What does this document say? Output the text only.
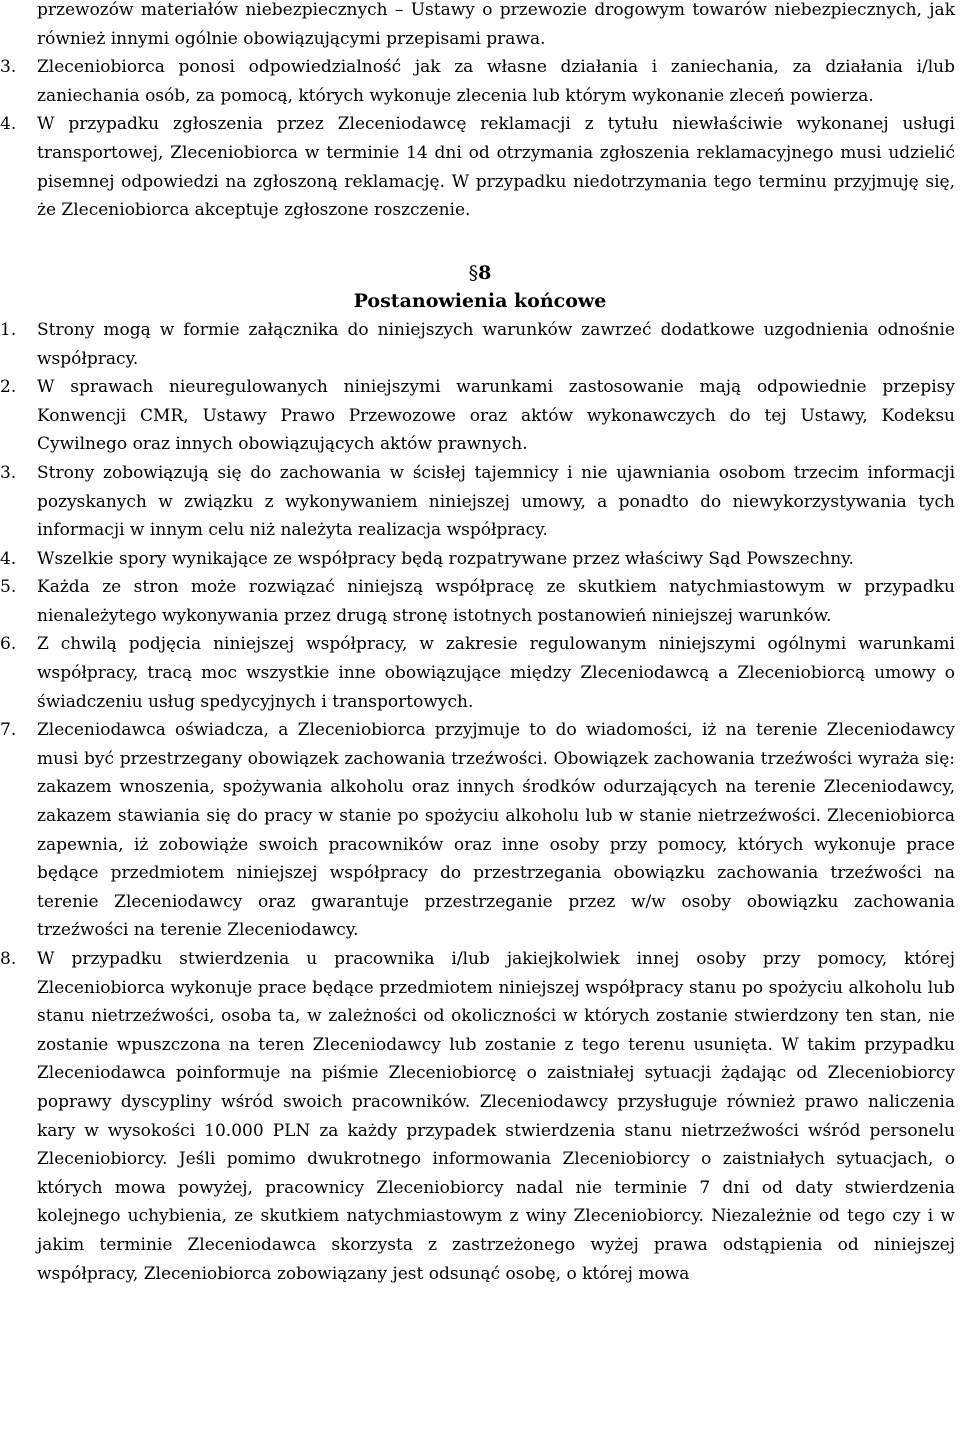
przewozów materiałów niebezpiecznych – Ustawy o przewozie drogowym towarów niebezpiecznych, jak również innymi ogólnie obowiązującymi przepisami prawa.
3.	Zleceniobiorca ponosi odpowiedzialność jak za własne działania i zaniechania, za działania i/lub zaniechania osób, za pomocą, których wykonuje zlecenia lub którym wykonanie zleceń powierza.
4.	W przypadku zgłoszenia przez Zleceniodawcę reklamacji z tytułu niewłaściwie wykonanej usługi transportowej, Zleceniobiorca w terminie 14 dni od otrzymania zgłoszenia reklamacyjnego musi udzielić pisemnej odpowiedzi na zgłoszoną reklamację. W przypadku niedotrzymania tego terminu przyjmuję się, że Zleceniobiorca akceptuje zgłoszone roszczenie.
§8
Postanowienia końcowe
1.	Strony mogą w formie załącznika do niniejszych warunków zawrzeć dodatkowe uzgodnienia odnośnie współpracy.
2.	W sprawach nieuregulowanych niniejszymi warunkami zastosowanie mają odpowiednie przepisy Konwencji CMR, Ustawy Prawo Przewozowe oraz aktów wykonawczych do tej Ustawy, Kodeksu Cywilnego oraz innych obowiązujących aktów prawnych.
3.	Strony zobowiązują się do zachowania w ścisłej tajemnicy i nie ujawniania osobom trzecim informacji pozyskanych w związku z wykonywaniem niniejszej umowy, a ponadto do niewykorzystywania tych informacji w innym celu niż należyta realizacja współpracy.
4.	Wszelkie spory wynikające ze współpracy będą rozpatrywane przez właściwy Sąd Powszechny.
5.	Każda ze stron może rozwiązać niniejszą współpracę ze skutkiem natychmiastowym w przypadku nienależytego wykonywania przez drugą stronę istotnych postanowień niniejszej warunków.
6.	Z chwilą podjęcia niniejszej współpracy, w zakresie regulowanym niniejszymi ogólnymi warunkami współpracy, tracą moc wszystkie inne obowiązujące między Zleceniodawcą a Zleceniobiorcą umowy o świadczeniu usług spedycyjnych i transportowych.
7.	Zleceniodawca oświadcza, a Zleceniobiorca przyjmuje to do wiadomości, iż na terenie Zleceniodawcy musi być przestrzegany obowiązek zachowania trzeźwości. Obowiązek zachowania trzeźwości wyraża się: zakazem wnoszenia, spożywania alkoholu oraz innych środków odurzających na terenie Zleceniodawcy, zakazem stawiania się do pracy w stanie po spożyciu alkoholu lub w stanie nietrzeźwości. Zleceniobiorca zapewnia, iż zobowiąże swoich pracowników oraz inne osoby przy pomocy, których wykonuje prace będące przedmiotem niniejszej współpracy do przestrzegania obowiązku zachowania trzeźwości na terenie Zleceniodawcy oraz gwarantuje przestrzeganie przez w/w osoby obowiązku zachowania trzeźwości na terenie Zleceniodawcy.
8.	W przypadku stwierdzenia u pracownika i/lub jakiejkolwiek innej osoby przy pomocy, której Zleceniobiorca wykonuje prace będące przedmiotem niniejszej współpracy stanu po spożyciu alkoholu lub stanu nietrzeźwości, osoba ta, w zależności od okoliczności w których zostanie stwierdzony ten stan, nie zostanie wpuszczona na teren Zleceniodawcy lub zostanie z tego terenu usunięta. W takim przypadku Zleceniodawca poinformuje na piśmie Zleceniobiorcę o zaistniałej sytuacji żądając od Zleceniobiorcy poprawy dyscypliny wśród swoich pracowników. Zleceniodawcy przysługuje również prawo naliczenia kary w wysokości 10.000 PLN za każdy przypadek stwierdzenia stanu nietrzeźwości wśród personelu Zleceniobiorcy. Jeśli pomimo dwukrotnego informowania Zleceniobiorcy o zaistniałych sytuacjach, o których mowa powyżej, pracownicy Zleceniobiorcy nadal nie terminie 7 dni od daty stwierdzenia kolejnego uchybienia, ze skutkiem natychmiastowym z winy Zleceniobiorcy. Niezależnie od tego czy i w jakim terminie Zleceniodawca skorzysta z zastrzeżonego wyżej prawa odstąpienia od niniejszej współpracy, Zleceniobiorca zobowiązany jest odsunąć osobę, o której mowa
